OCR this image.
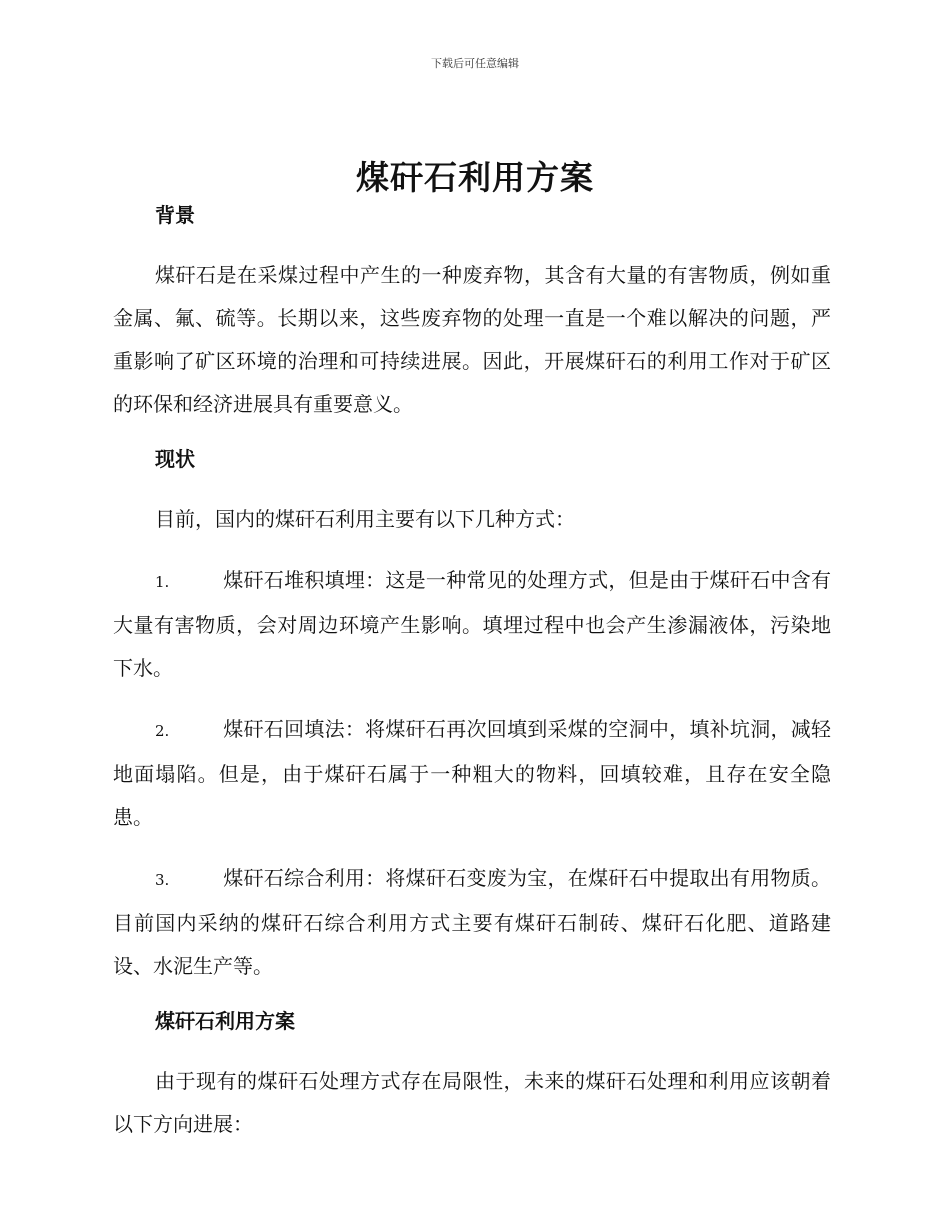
下载后可任意编辑
煤矸石利用方案
背景

煤矸石是在采煤过程中产生的一种废弃物，其含有大量的有害物质，例如重金属、氟、硫等。长期以来，这些废弃物的处理一直是一个难以解决的问题，严重影响了矿区环境的治理和可持续进展。因此，开展煤矸石的利用工作对于矿区的环保和经济进展具有重要意义。

现状

目前，国内的煤矸石利用主要有以下几种方式：

1.	煤矸石堆积填埋：这是一种常见的处理方式，但是由于煤矸石中含有大量有害物质，会对周边环境产生影响。填埋过程中也会产生渗漏液体，污染地下水。

2.	煤矸石回填法：将煤矸石再次回填到采煤的空洞中，填补坑洞，减轻地面塌陷。但是，由于煤矸石属于一种粗大的物料，回填较难，且存在安全隐患。

3.	煤矸石综合利用：将煤矸石变废为宝，在煤矸石中提取出有用物质。目前国内采纳的煤矸石综合利用方式主要有煤矸石制砖、煤矸石化肥、道路建设、水泥生产等。

煤矸石利用方案

由于现有的煤矸石处理方式存在局限性，未来的煤矸石处理和利用应该朝着以下方向进展：
